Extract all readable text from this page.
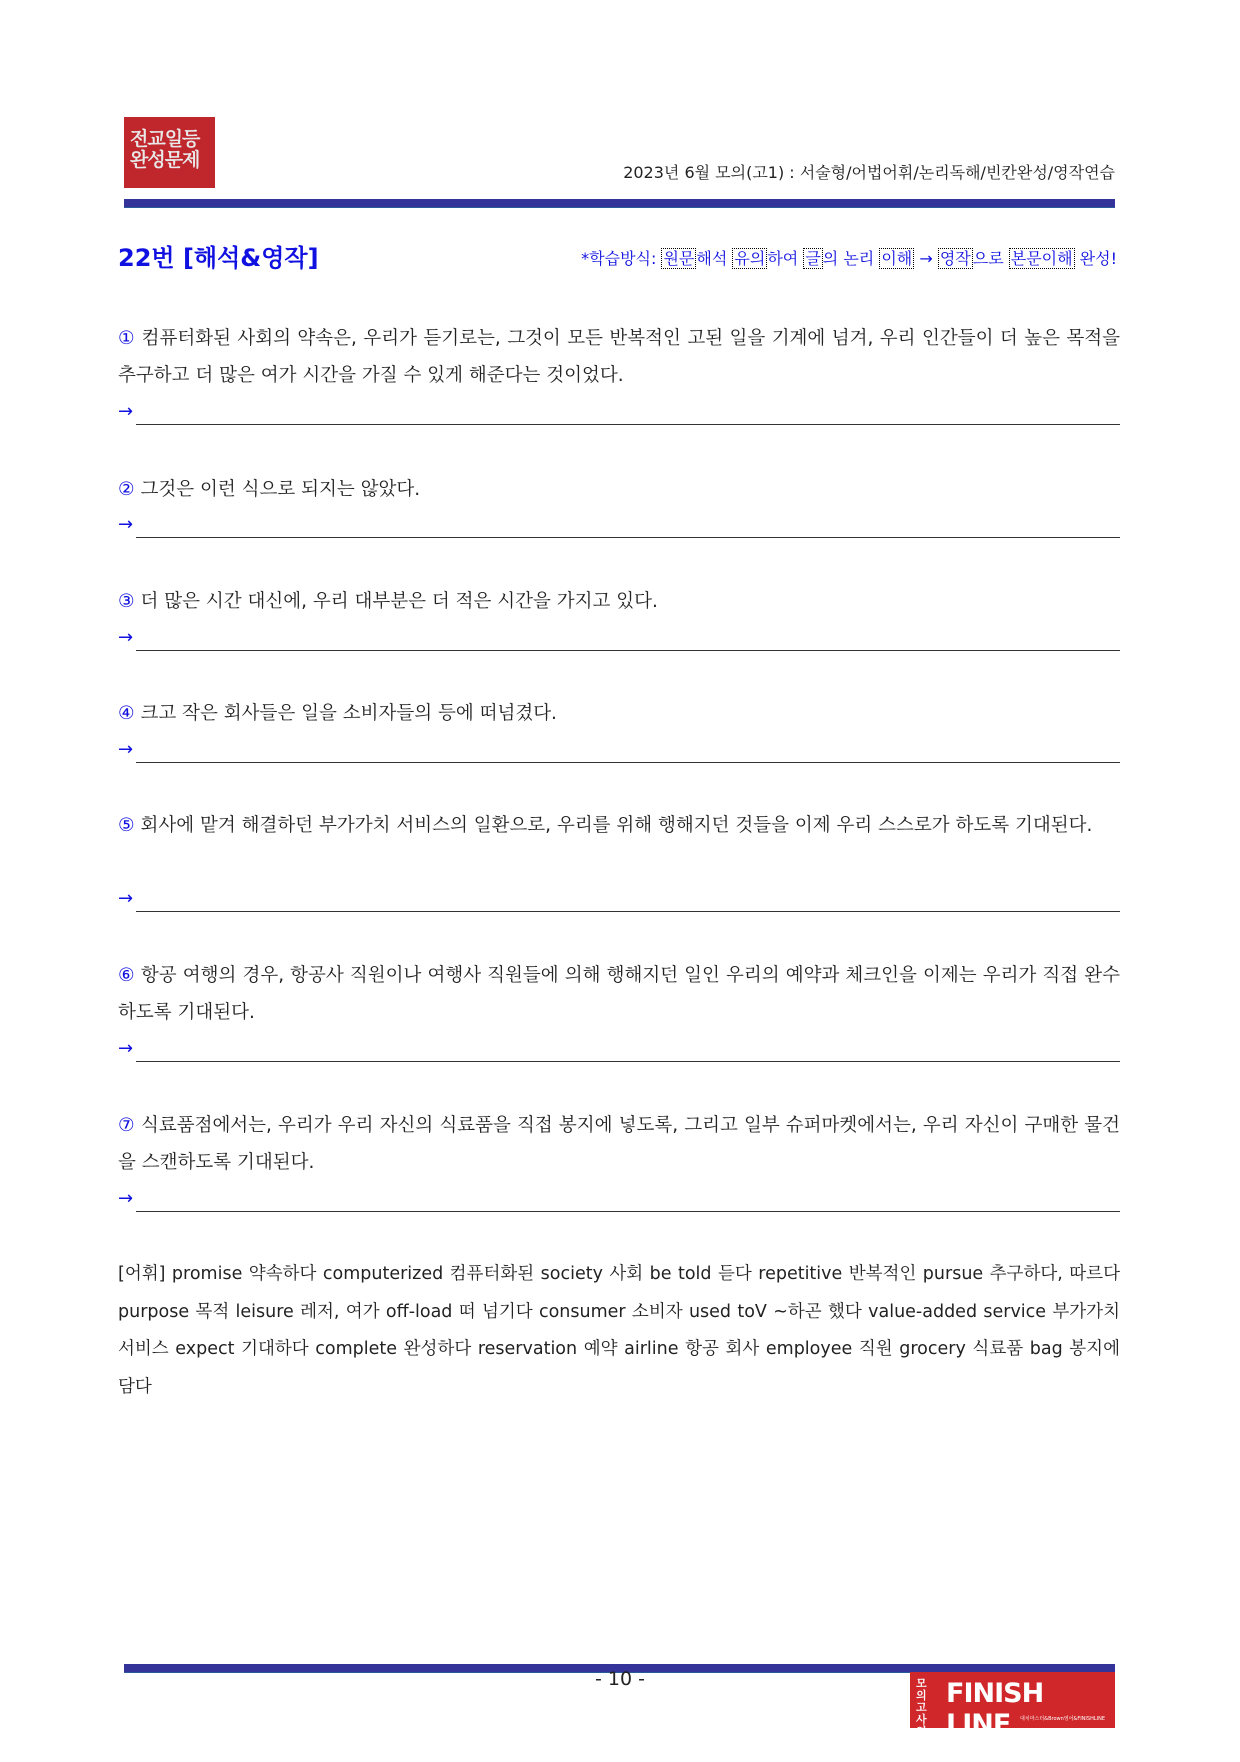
전교일등 완성문제
2023년 6월 모의(고1) : 서술형/어법어휘/논리독해/빈칸완성/영작연습
22번 [해석&영작]	*학습방식: 원문 해석 유의 하여 글 의 논리 이해 → 영작 으로 본문이해 완성!
① 컴퓨터화된 사회의 약속은, 우리가 듣기로는, 그것이 모든 반복적인 고된 일을 기계에 넘겨, 우리 인간들이 더 높은 목적을 추구하고 더 많은 여가 시간을 가질 수 있게 해준다는 것이었다.
→
② 그것은 이런 식으로 되지는 않았다.
→
③ 더 많은 시간 대신에, 우리 대부분은 더 적은 시간을 가지고 있다.
→
④ 크고 작은 회사들은 일을 소비자들의 등에 떠넘겼다.
→
⑤ 회사에 맡겨 해결하던 부가가치 서비스의 일환으로, 우리를 위해 행해지던 것들을 이제 우리 스스로가 하도록 기대된다.
→
⑥ 항공 여행의 경우, 항공사 직원이나 여행사 직원들에 의해 행해지던 일인 우리의 예약과 체크인을 이제는 우리가 직접 완수하도록 기대된다.
→
⑦ 식료품점에서는, 우리가 우리 자신의 식료품을 직접 봉지에 넣도록, 그리고 일부 슈퍼마켓에서는, 우리 자신이 구매한 물건을 스캔하도록 기대된다.
→
[어휘] promise 약속하다 computerized 컴퓨터화된 society 사회 be told 듣다 repetitive 반복적인 pursue 추구하다, 따르다 purpose 목적 leisure 레저, 여가 off-load 떠 넘기다 consumer 소비자 used toV ~하곤 했다 value-added service 부가가치서비스 expect 기대하다 complete 완성하다 reservation 예약 airline 항공 회사 employee 직원 grocery 식료품 bag 봉지에 담다
- 10 -	모의고사연구소
FINISH LINE	대치마스터&Brown영어&FINISHLINE
